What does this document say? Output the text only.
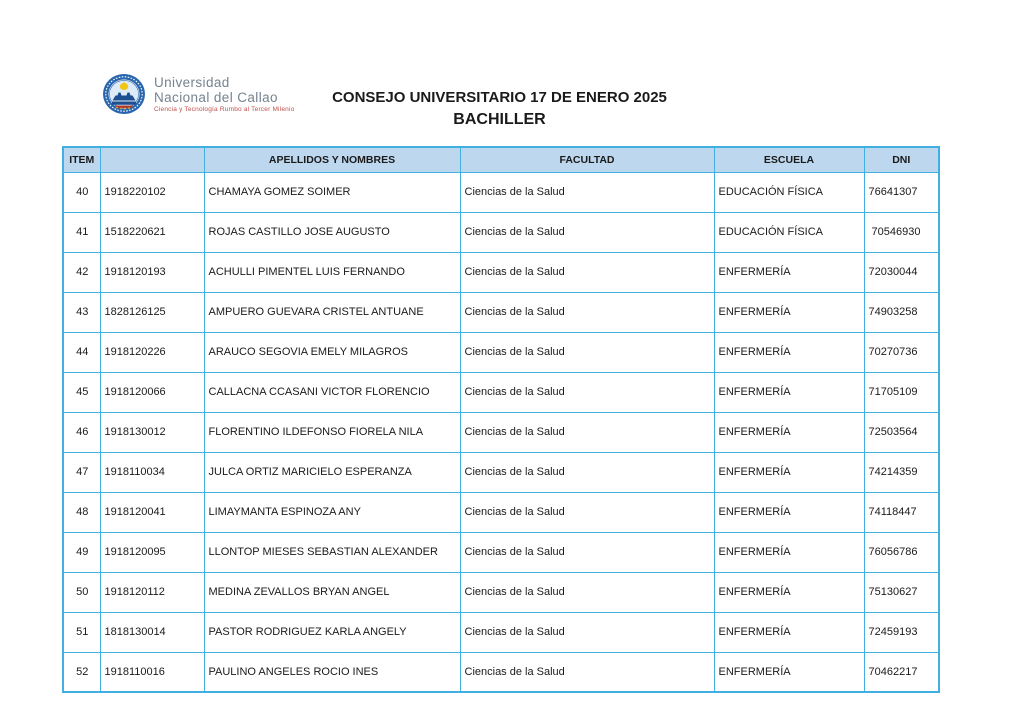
Universidad
Nacional del Callao
Ciencia y Tecnología Rumbo al Tercer Milenio
CONSEJO UNIVERSITARIO 17 DE ENERO 2025
BACHILLER
ITEM		APELLIDOS Y NOMBRES	FACULTAD	ESCUELA	DNI
40	1918220102	CHAMAYA GOMEZ SOIMER	Ciencias de la Salud	EDUCACIÓN FÍSICA	76641307
41	1518220621	ROJAS CASTILLO JOSE AUGUSTO	Ciencias de la Salud	EDUCACIÓN FÍSICA	70546930
42	1918120193	ACHULLI PIMENTEL LUIS FERNANDO	Ciencias de la Salud	ENFERMERÍA	72030044
43	1828126125	AMPUERO GUEVARA CRISTEL ANTUANE	Ciencias de la Salud	ENFERMERÍA	74903258
44	1918120226	ARAUCO SEGOVIA EMELY MILAGROS	Ciencias de la Salud	ENFERMERÍA	70270736
45	1918120066	CALLACNA CCASANI VICTOR FLORENCIO	Ciencias de la Salud	ENFERMERÍA	71705109
46	1918130012	FLORENTINO ILDEFONSO FIORELA NILA	Ciencias de la Salud	ENFERMERÍA	72503564
47	1918110034	JULCA ORTIZ MARICIELO ESPERANZA	Ciencias de la Salud	ENFERMERÍA	74214359
48	1918120041	LIMAYMANTA ESPINOZA ANY	Ciencias de la Salud	ENFERMERÍA	74118447
49	1918120095	LLONTOP MIESES SEBASTIAN ALEXANDER	Ciencias de la Salud	ENFERMERÍA	76056786
50	1918120112	MEDINA ZEVALLOS BRYAN ANGEL	Ciencias de la Salud	ENFERMERÍA	75130627
51	1818130014	PASTOR RODRIGUEZ KARLA ANGELY	Ciencias de la Salud	ENFERMERÍA	72459193
52	1918110016	PAULINO ANGELES ROCIO INES	Ciencias de la Salud	ENFERMERÍA	70462217
